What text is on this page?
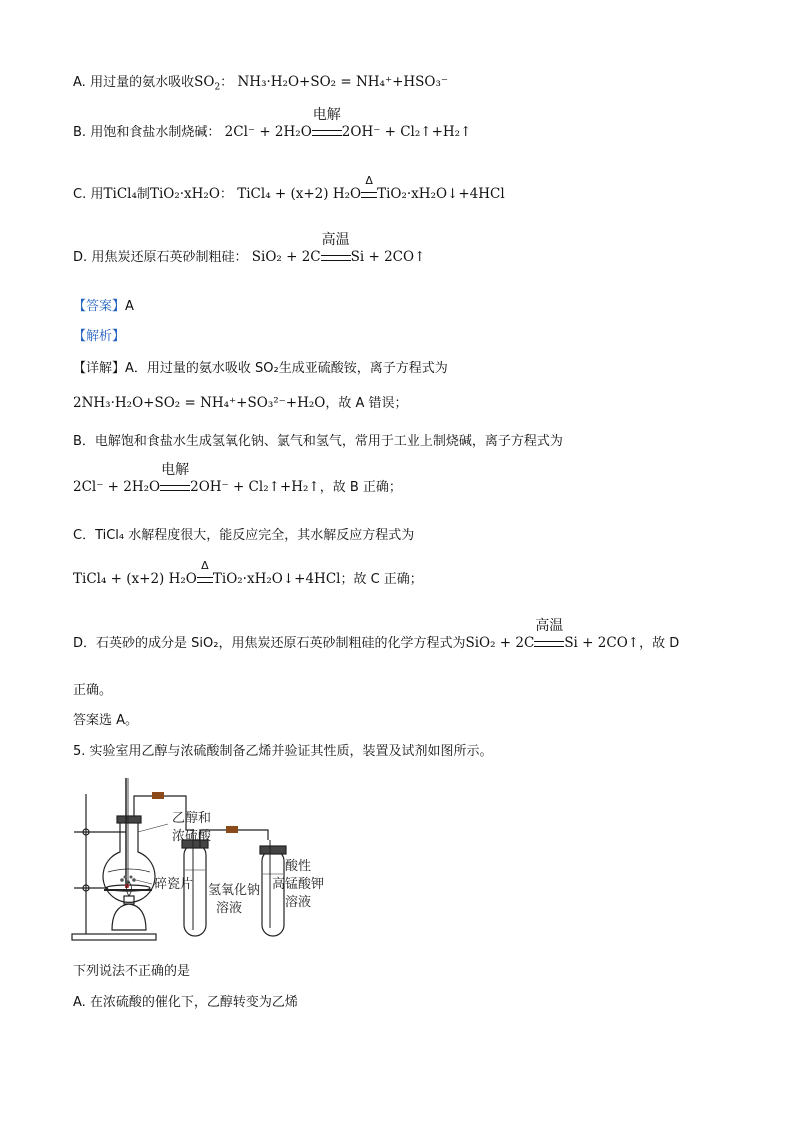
A. 用过量的氨水吸收$SO_2$： NH₃·H₂O+SO₂ = NH₄⁺+HSO₃⁻
B. 用饱和食盐水制烧碱： 2Cl⁻ + 2H₂O
电解
2OH⁻ + Cl₂↑+H₂↑
C. 用TiCl₄制TiO₂·xH₂O： TiCl₄ + (x+2) H₂O
Δ
TiO₂·xH₂O↓+4HCl
D. 用焦炭还原石英砂制粗硅： SiO₂ + 2C
高温
Si + 2CO↑
【答案】A
【解析】
【详解】A．用过量的氨水吸收 SO₂生成亚硫酸铵，离子方程式为
2NH₃·H₂O+SO₂ = NH₄⁺+SO₃²⁻+H₂O，故 A 错误；
B．电解饱和食盐水生成氢氧化钠、氯气和氢气，常用于工业上制烧碱，离子方程式为
2Cl⁻ + 2H₂O
电解
2OH⁻ + Cl₂↑+H₂↑，故 B 正确；
C．TiCl₄ 水解程度很大，能反应完全，其水解反应方程式为
TiCl₄ + (x+2) H₂O
Δ
TiO₂·xH₂O↓+4HCl；故 C 正确；
D．石英砂的成分是 SiO₂，用焦炭还原石英砂制粗硅的化学方程式为SiO₂ + 2C
高温
Si + 2CO↑，故 D
正确。
答案选 A。
5. 实验室用乙醇与浓硫酸制备乙烯并验证其性质，装置及试剂如图所示。
乙醇和
浓硫酸
碎瓷片 氢氧化钠
溶液
酸性
高锰酸钾
溶液
下列说法不正确的是
A. 在浓硫酸的催化下，乙醇转变为乙烯
